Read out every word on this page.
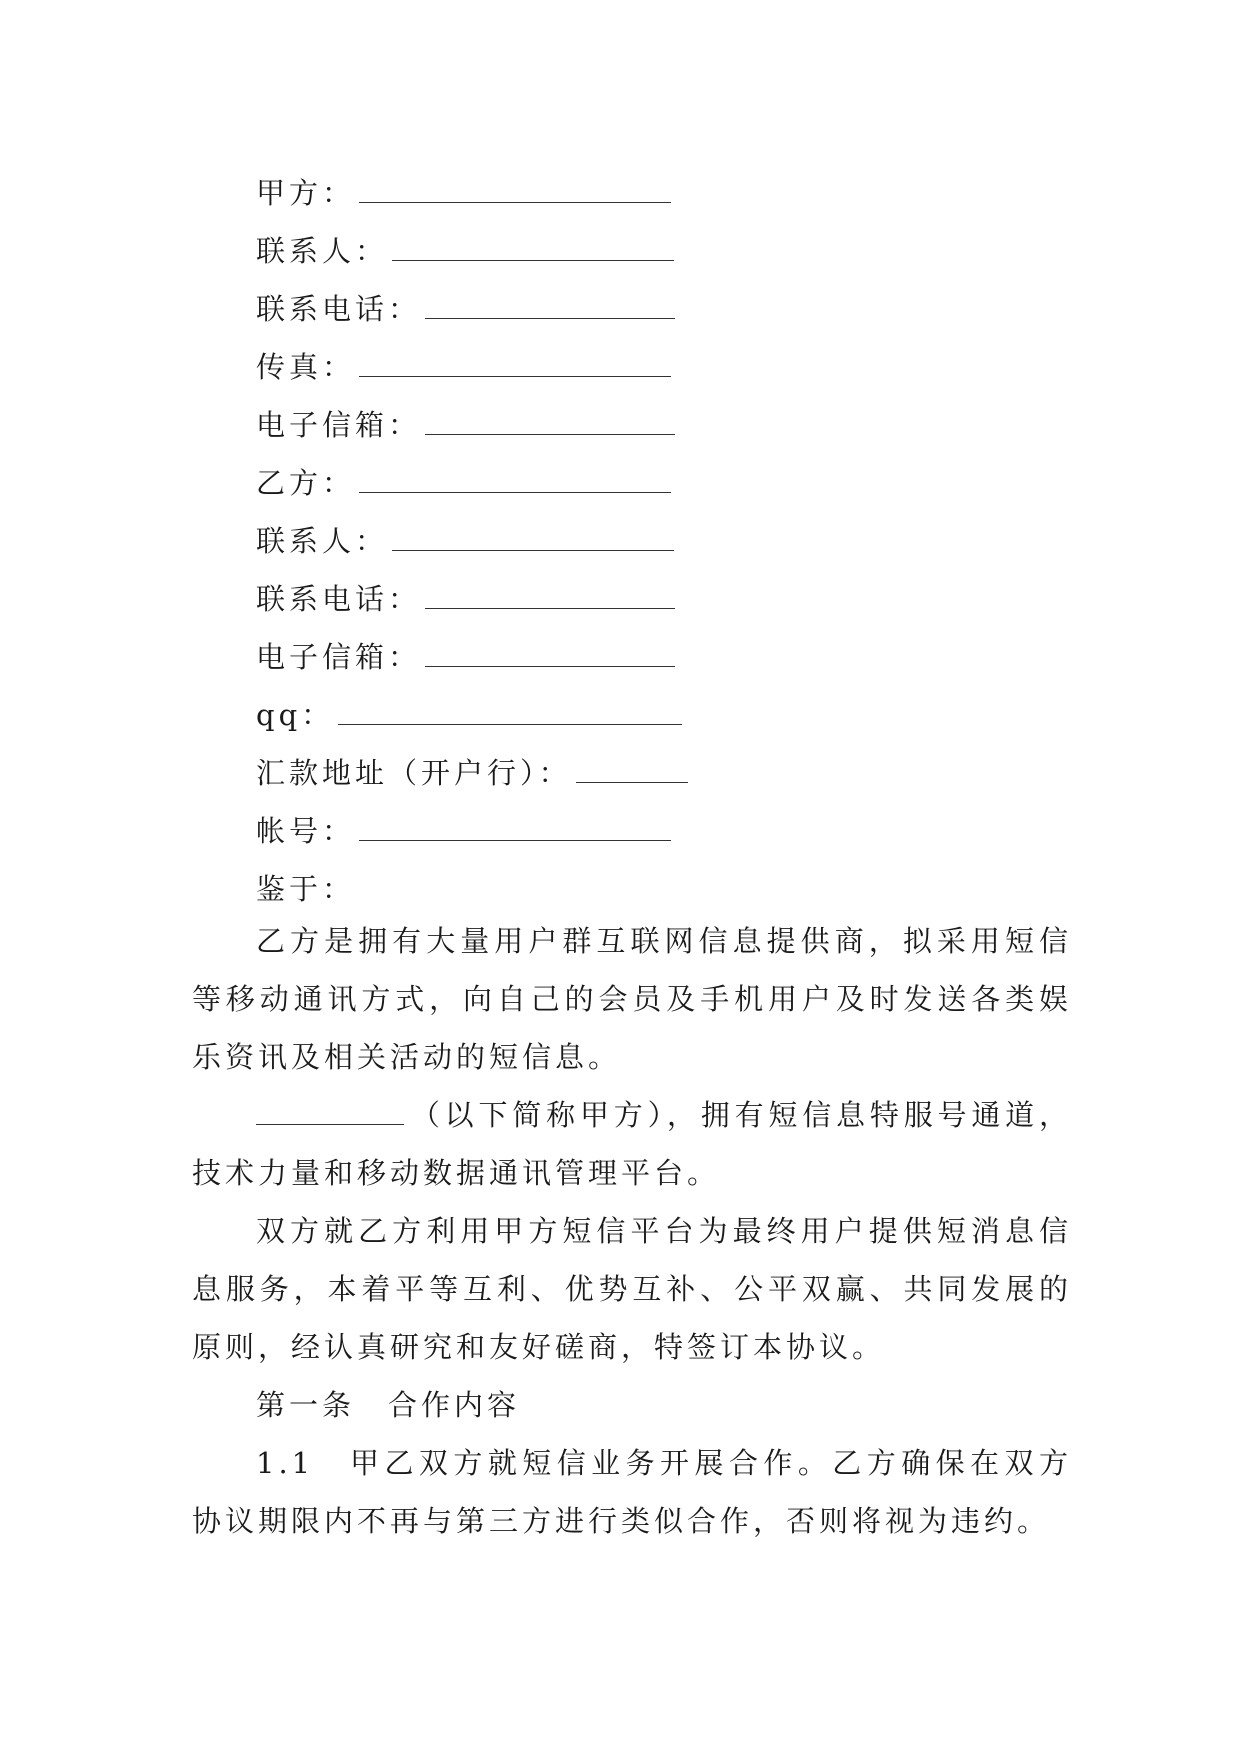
甲方：
联系人：
联系电话：
传真：
电子信箱：
乙方：
联系人：
联系电话：
电子信箱：
qq：
汇款地址（开户行）：
帐号：
鉴于：

乙方是拥有大量用户群互联网信息提供商，拟采用短信等移动通讯方式，向自己的会员及手机用户及时发送各类娱乐资讯及相关活动的短信息。

（以下简称甲方），拥有短信息特服号通道，技术力量和移动数据通讯管理平台。

双方就乙方利用甲方短信平台为最终用户提供短消息信息服务，本着平等互利、优势互补、公平双赢、共同发展的原则，经认真研究和友好磋商，特签订本协议。

第一条　合作内容

1.1　甲乙双方就短信业务开展合作。乙方确保在双方协议期限内不再与第三方进行类似合作，否则将视为违约。
